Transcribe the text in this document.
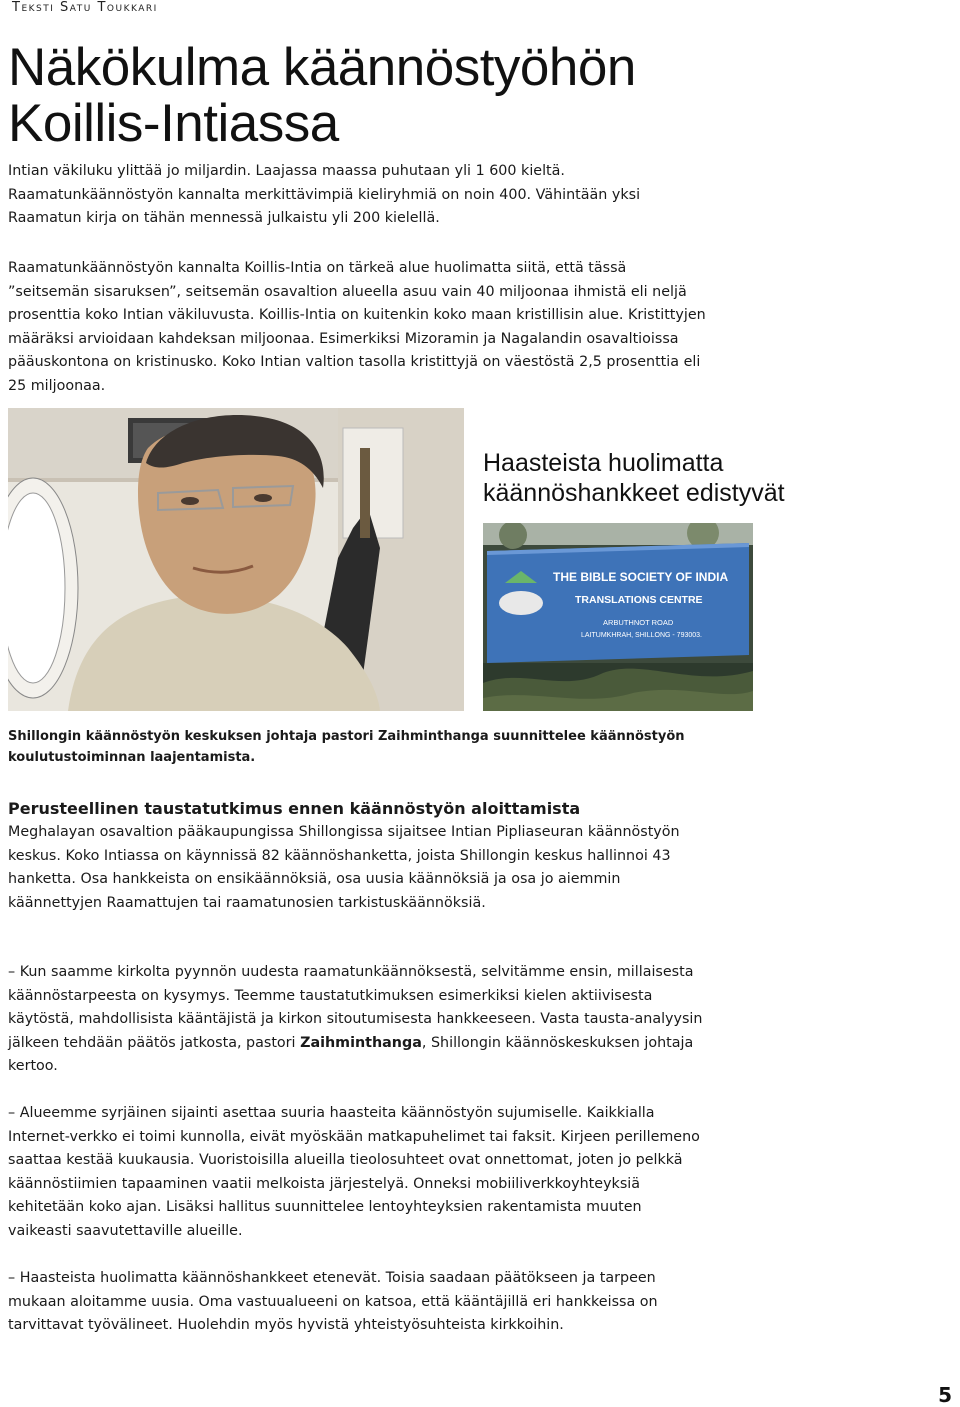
Teksti Satu Toukkari
Näkökulma käännöstyöhön
Koillis-Intiassa

Intian väkiluku ylittää jo miljardin. Laajassa maassa puhutaan yli 1 600 kieltä. Raamatunkäännöstyön kannalta merkittävimpiä kieliryhmiä on noin 400. Vähintään yksi Raamatun kirja on tähän mennessä julkaistu yli 200 kielellä.

Raamatunkäännöstyön kannalta Koillis-Intia on tärkeä alue huolimatta siitä, että tässä ”seitsemän sisaruksen”, seitsemän osavaltion alueella asuu vain 40 miljoonaa ihmistä eli neljä prosenttia koko Intian väkiluvusta. Koillis-Intia on kuitenkin koko maan kristillisin alue. Kristittyjen määräksi arvioidaan kahdeksan miljoonaa. Esimerkiksi Mizoramin ja Nagalandin osavaltioissa pääuskontona on kristinusko. Koko Intian valtion tasolla kristittyjä on väestöstä 2,5 prosenttia eli 25 miljoonaa.

Haasteista huolimatta
käännöshankkeet edistyvät
THE BIBLE SOCIETY OF INDIA
TRANSLATIONS CENTRE
ARBUTHNOT ROAD
LAITUMKHRAH, SHILLONG - 793003.

Shillongin käännöstyön keskuksen johtaja pastori Zaihminthanga suunnittelee käännöstyön koulutustoiminnan laajentamista.

Perusteellinen taustatutkimus ennen käännöstyön aloittamista

Meghalayan osavaltion pääkaupungissa Shillongissa sijaitsee Intian Pipliaseuran käännöstyön keskus. Koko Intiassa on käynnissä 82 käännöshanketta, joista Shillongin keskus hallinnoi 43 hanketta. Osa hankkeista on ensikäännöksiä, osa uusia käännöksiä ja osa jo aiemmin käännettyjen Raamattujen tai raamatunosien tarkistuskäännöksiä.

– Kun saamme kirkolta pyynnön uudesta raamatunkäännöksestä, selvitämme ensin, millaisesta käännöstarpeesta on kysymys. Teemme taustatutkimuksen esimerkiksi kielen aktiivisesta käytöstä, mahdollisista kääntäjistä ja kirkon sitoutumisesta hankkeeseen. Vasta tausta-analyysin jälkeen tehdään päätös jatkosta, pastori Zaihminthanga, Shillongin käännöskeskuksen johtaja kertoo.

– Alueemme syrjäinen sijainti asettaa suuria haasteita käännöstyön sujumiselle. Kaikkialla Internet-verkko ei toimi kunnolla, eivät myöskään matkapuhelimet tai faksit. Kirjeen perillemeno saattaa kestää kuukausia. Vuoristoisilla alueilla tieolosuhteet ovat onnettomat, joten jo pelkkä käännöstiimien tapaaminen vaatii melkoista järjestelyä. Onneksi mobiiliverkkoyhteyksiä kehitetään koko ajan. Lisäksi hallitus suunnittelee lentoyhteyksien rakentamista muuten vaikeasti saavutettaville alueille.

– Haasteista huolimatta käännöshankkeet etenevät. Toisia saadaan päätökseen ja tarpeen mukaan aloitamme uusia. Oma vastuualueeni on katsoa, että kääntäjillä eri hankkeissa on tarvittavat työvälineet. Huolehdin myös hyvistä yhteistyösuhteista kirkkoihin.

5
